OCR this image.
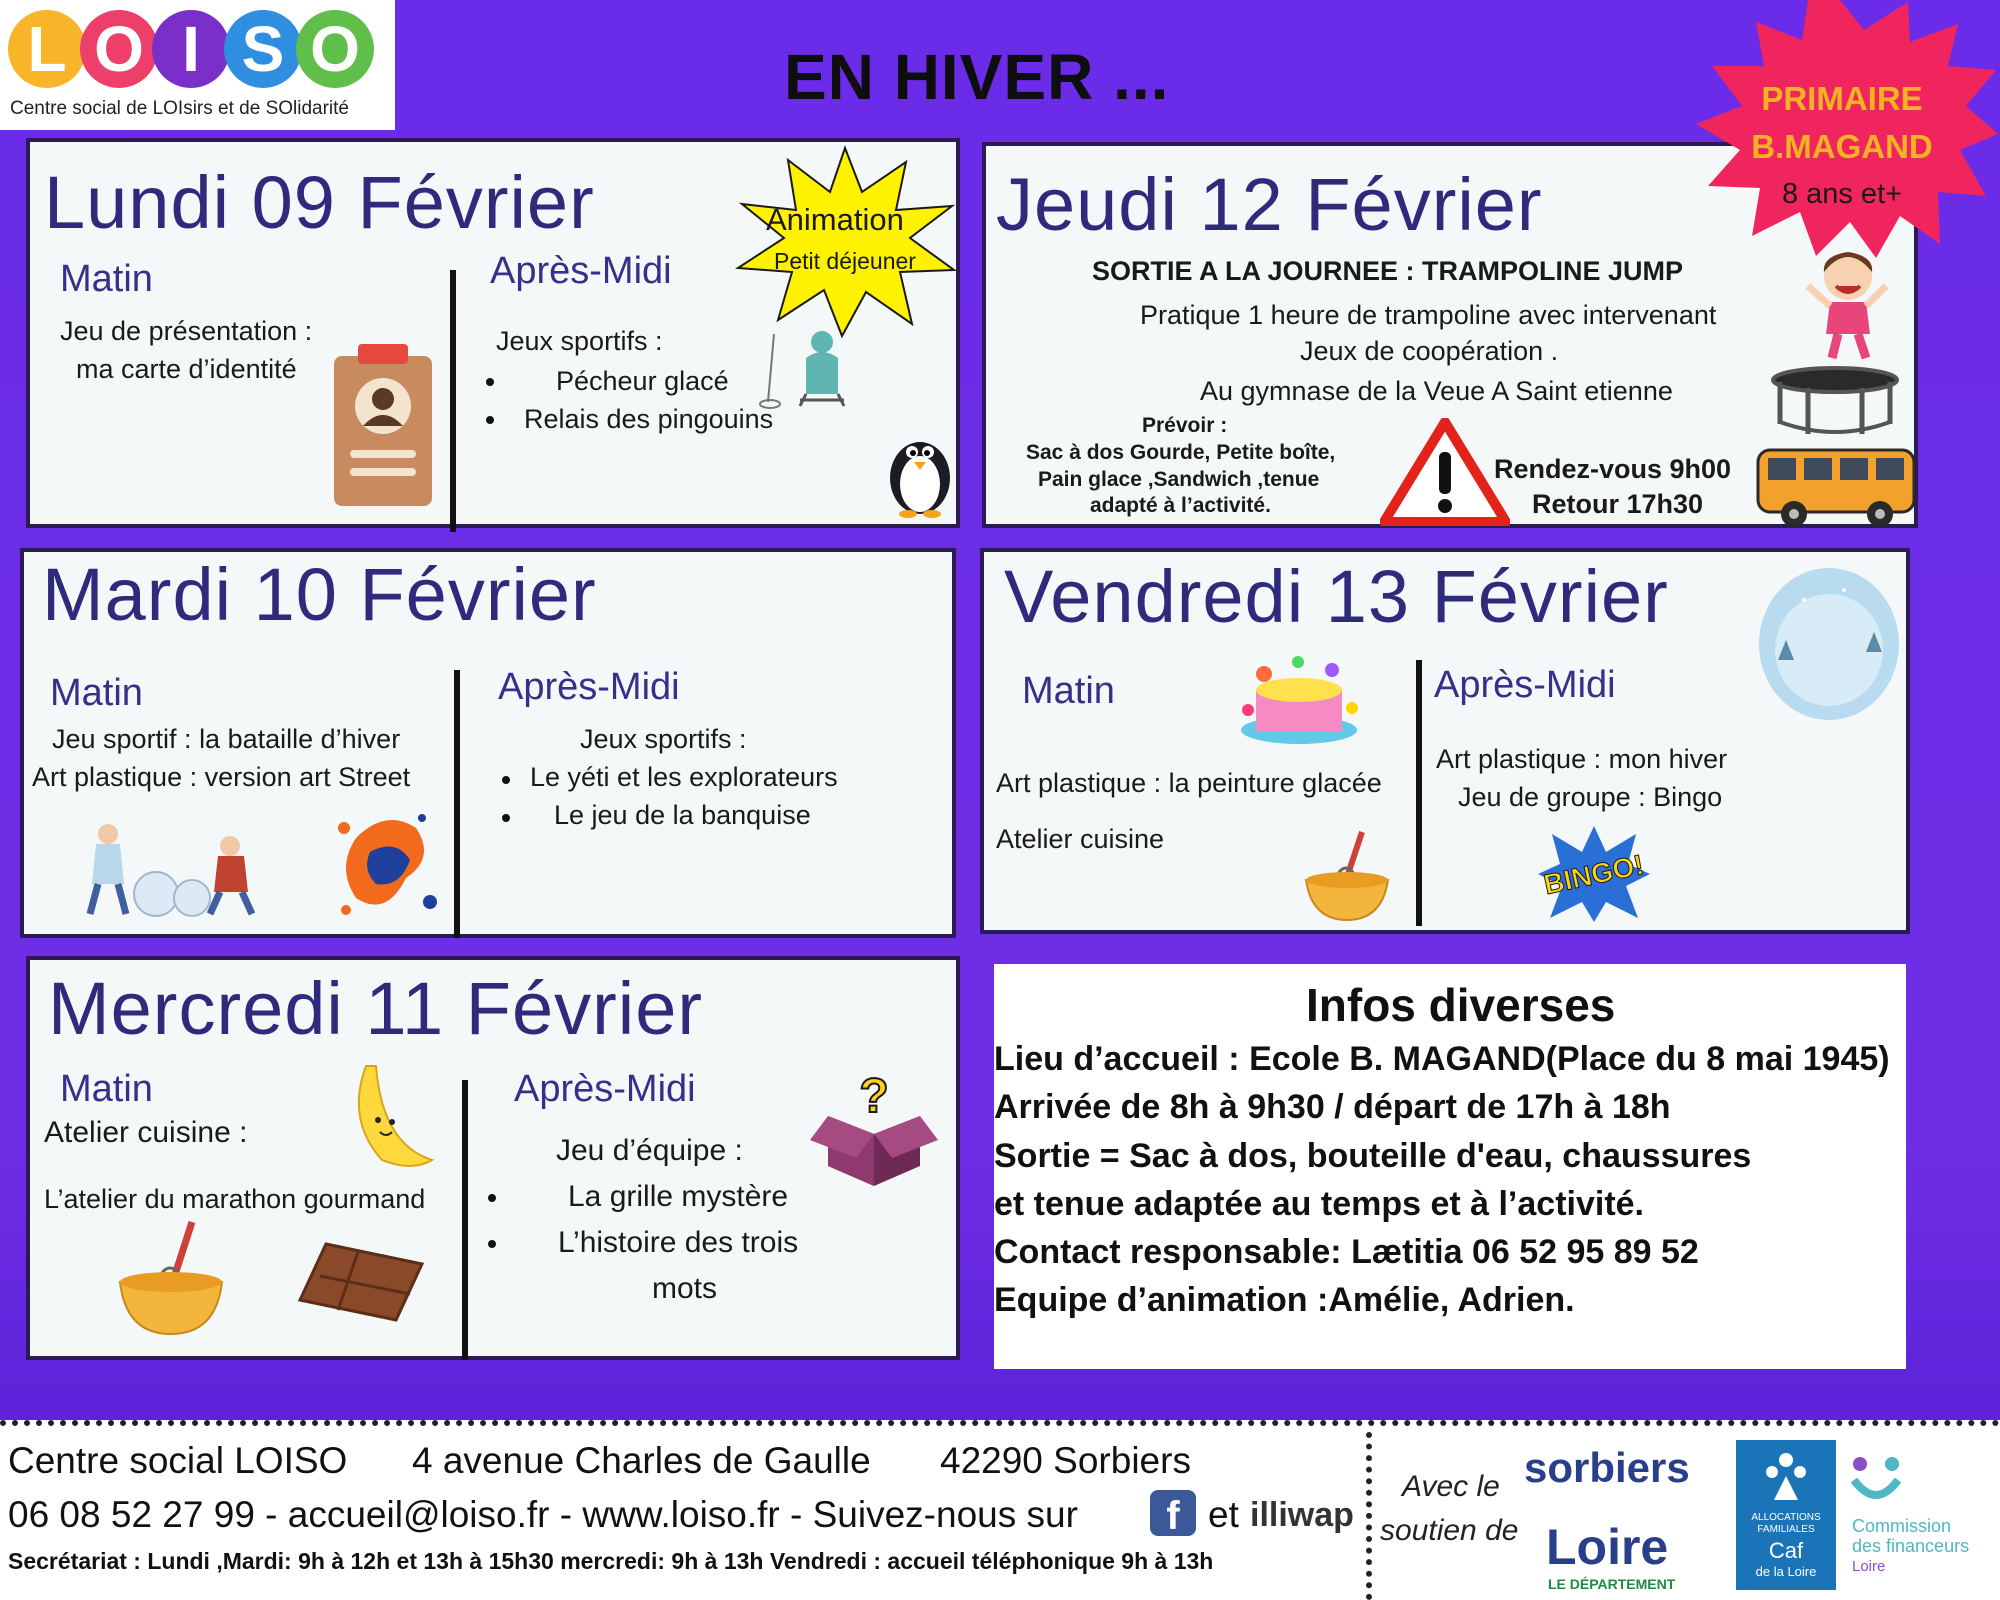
L O I S O
Centre social de LOIsirs et de SOlidarité	EN HIVER ...
Lundi 09 Février
Matin
Jeu de présentation :
ma carte d’identité
Après-Midi
Jeux sportifs :
Pécheur glacé
Relais des pingouins
Animation
Petit déjeuner
Jeudi 12 Février
SORTIE A LA JOURNEE : TRAMPOLINE JUMP
Pratique 1 heure de trampoline avec intervenant
Jeux de coopération .
Au gymnase de la Veue A Saint etienne
Prévoir :
Sac à dos Gourde, Petite boîte,
Pain glace ,Sandwich ,tenue
adapté à l’activité.
Rendez-vous 9h00
Retour 17h30
PRIMAIRE
B.MAGAND
8 ans et+
Mardi 10 Février
Matin
Jeu sportif : la bataille d’hiver
Art plastique : version art Street
Après-Midi
Jeux sportifs :
Le yéti et les explorateurs
Le jeu de la banquise
Vendredi 13 Février
Matin
Art plastique : la peinture glacée
Atelier cuisine
Après-Midi
Art plastique : mon hiver
Jeu de groupe : Bingo
BINGO!
Mercredi 11 Février
Matin
Atelier cuisine :
L’atelier du marathon gourmand
Après-Midi
Jeu d’équipe :
La grille mystère
L’histoire des trois
mots
?
Infos diverses
Lieu d’accueil : Ecole B. MAGAND(Place du 8 mai 1945)
Arrivée de 8h à 9h30 / départ de 17h à 18h
Sortie = Sac à dos, bouteille d'eau, chaussures
et tenue adaptée au temps et à l’activité.
Contact responsable: Lætitia 06 52 95 89 52
Equipe d’animation :Amélie, Adrien.
Centre social LOISO 4 avenue Charles de Gaulle 42290 Sorbiers
06 08 52 27 99 - accueil@loiso.fr - www.loiso.fr - Suivez-nous sur	f et illiwap
Secrétariat : Lundi ,Mardi: 9h à 12h et 13h à 15h30 mercredi: 9h à 13h Vendredi : accueil téléphonique 9h à 13h
Avec le
soutien de
sorbiers
Loire
LE DÉPARTEMENT
ALLOCATIONS
FAMILIALES
Caf
de la Loire
Commission
des financeurs
Loire
